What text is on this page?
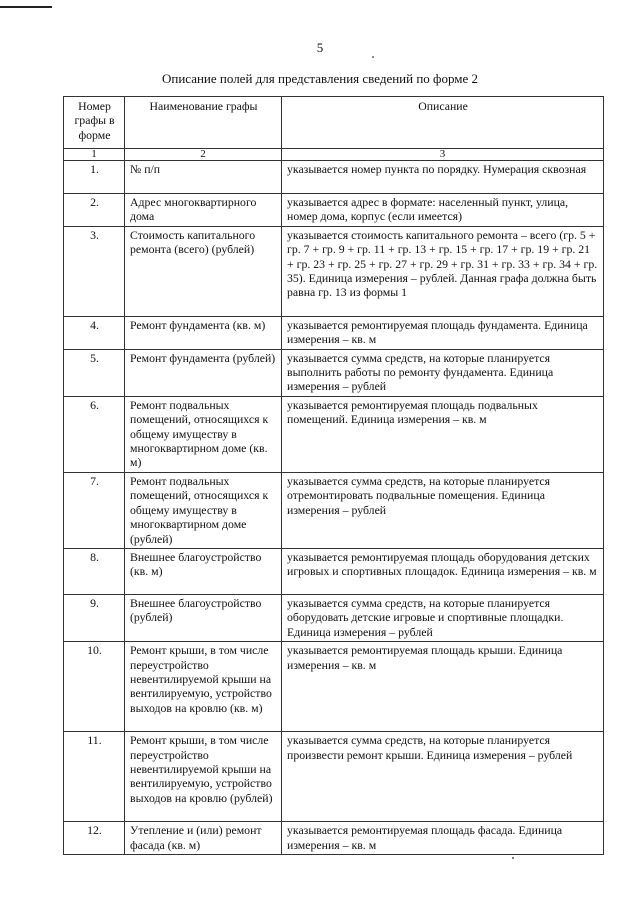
5
Описание полей для представления сведений по форме 2
Номер графы в форме	Наименование графы	Описание
1	2	3
1.	№ п/п	указывается номер пункта по порядку. Нумерация сквозная
2.	Адрес многоквартирного дома	указывается адрес в формате: населенный пункт, улица, номер дома, корпус (если имеется)
3.	Стоимость капитального ремонта (всего) (рублей)	указывается стоимость капитального ремонта – всего (гр. 5 + гр. 7 + гр. 9 + гр. 11 + гр. 13 + гр. 15 + гр. 17 + гр. 19 + гр. 21 + гр. 23 + гр. 25 + гр. 27 + гр. 29 + гр. 31 + гр. 33 + гр. 34 + гр. 35). Единица измерения – рублей. Данная графа должна быть равна гр. 13 из формы 1
4.	Ремонт фундамента (кв. м)	указывается ремонтируемая площадь фундамента. Единица измерения – кв. м
5.	Ремонт фундамента (рублей)	указывается сумма средств, на которые планируется выполнить работы по ремонту фундамента. Единица измерения – рублей
6.	Ремонт подвальных помещений, относящихся к общему имуществу в многоквартирном доме (кв. м)	указывается ремонтируемая площадь подвальных помещений. Единица измерения – кв. м
7.	Ремонт подвальных помещений, относящихся к общему имуществу в многоквартирном доме (рублей)	указывается сумма средств, на которые планируется отремонтировать подвальные помещения. Единица измерения – рублей
8.	Внешнее благоустройство (кв. м)	указывается ремонтируемая площадь оборудования детских игровых и спортивных площадок. Единица измерения – кв. м
9.	Внешнее благоустройство (рублей)	указывается сумма средств, на которые планируется оборудовать детские игровые и спортивные площадки. Единица измерения – рублей
10.	Ремонт крыши, в том числе переустройство невентилируемой крыши на вентилируемую, устройство выходов на кровлю (кв. м)	указывается ремонтируемая площадь крыши. Единица измерения – кв. м
11.	Ремонт крыши, в том числе переустройство невентилируемой крыши на вентилируемую, устройство выходов на кровлю (рублей)	указывается сумма средств, на которые планируется произвести ремонт крыши. Единица измерения – рублей
12.	Утепление и (или) ремонт фасада (кв. м)	указывается ремонтируемая площадь фасада. Единица измерения – кв. м
